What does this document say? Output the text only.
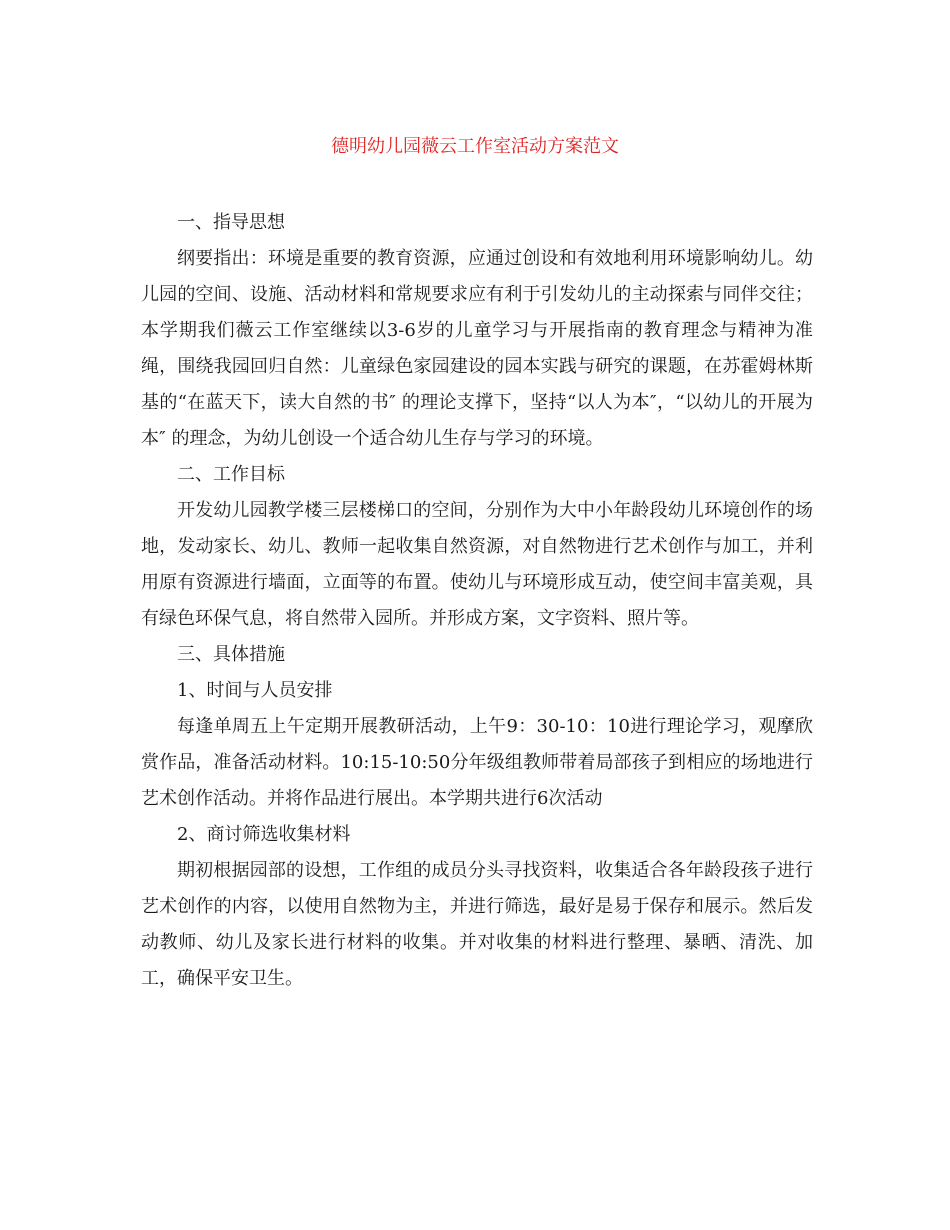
德明幼儿园薇云工作室活动方案范文

一、指导思想

纲要指出：环境是重要的教育资源，应通过创设和有效地利用环境影响幼儿。幼儿园的空间、设施、活动材料和常规要求应有利于引发幼儿的主动探索与同伴交往；本学期我们薇云工作室继续以3-6岁的儿童学习与开展指南的教育理念与精神为准绳，围绕我园回归自然：儿童绿色家园建设的园本实践与研究的课题，在苏霍姆林斯基的“在蓝天下，读大自然的书″ 的理论支撑下，坚持“以人为本″，“以幼儿的开展为本″ 的理念，为幼儿创设一个适合幼儿生存与学习的环境。

二、工作目标

开发幼儿园教学楼三层楼梯口的空间，分别作为大中小年龄段幼儿环境创作的场地，发动家长、幼儿、教师一起收集自然资源，对自然物进行艺术创作与加工，并利用原有资源进行墙面，立面等的布置。使幼儿与环境形成互动，使空间丰富美观，具有绿色环保气息，将自然带入园所。并形成方案，文字资料、照片等。

三、具体措施

1、时间与人员安排

每逢单周五上午定期开展教研活动，上午9：30-10：10进行理论学习，观摩欣赏作品，准备活动材料。10:15-10:50分年级组教师带着局部孩子到相应的场地进行艺术创作活动。并将作品进行展出。本学期共进行6次活动

2、商讨筛选收集材料

期初根据园部的设想，工作组的成员分头寻找资料，收集适合各年龄段孩子进行艺术创作的内容，以使用自然物为主，并进行筛选，最好是易于保存和展示。然后发动教师、幼儿及家长进行材料的收集。并对收集的材料进行整理、暴晒、清洗、加工，确保平安卫生。
